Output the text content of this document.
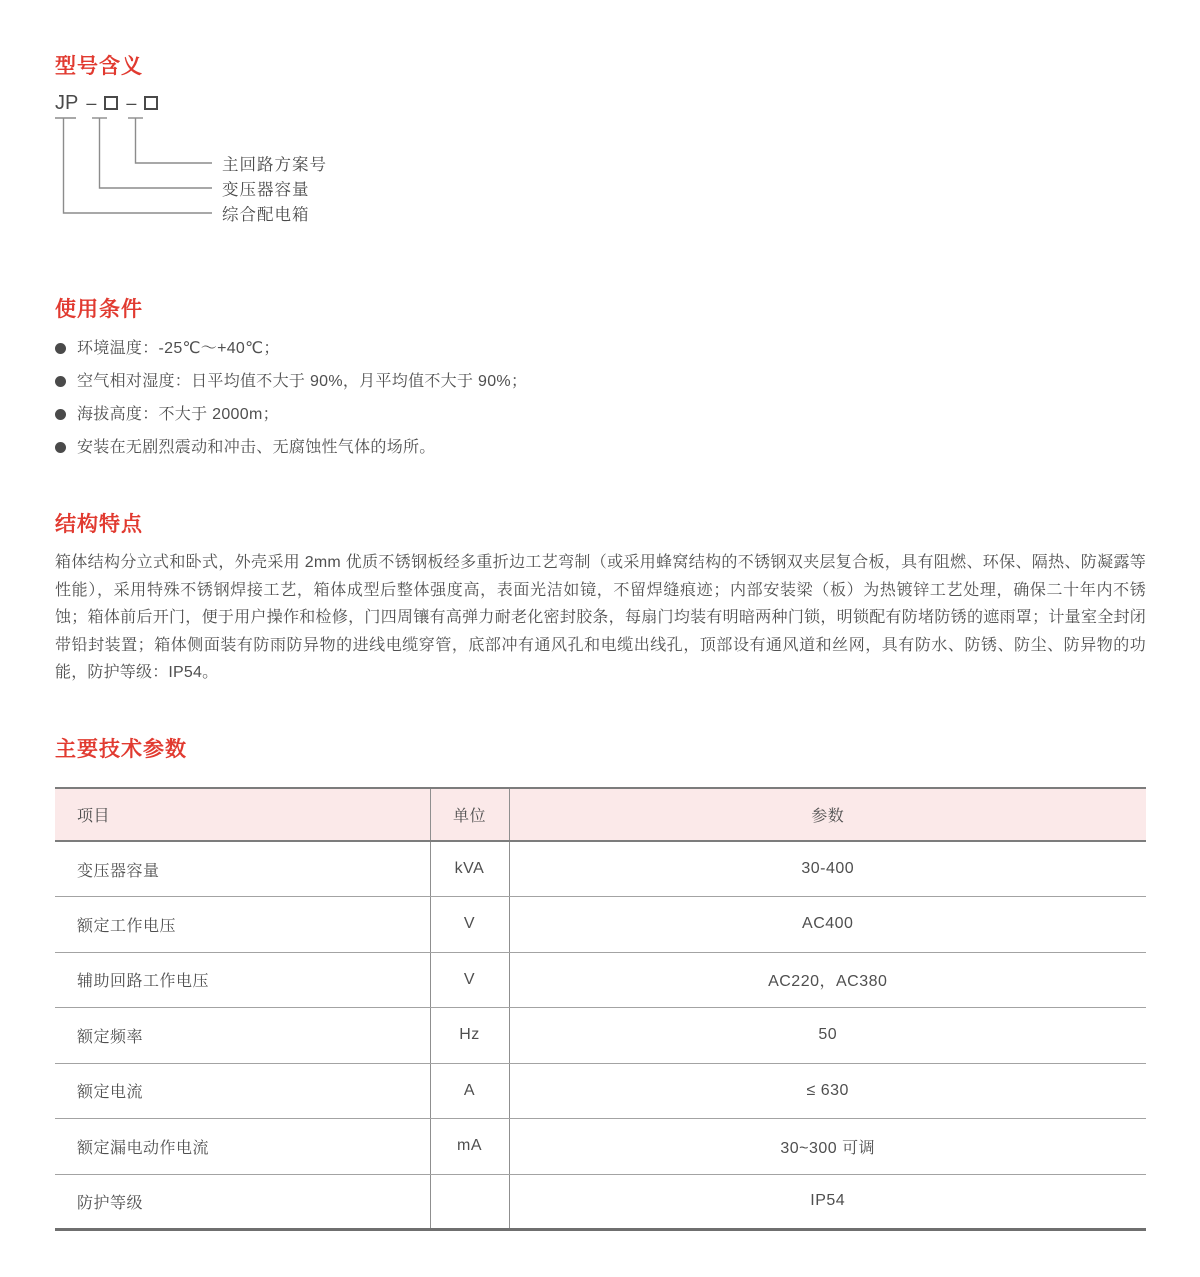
型号含义
JP – –
主回路方案号
变压器容量
综合配电箱
使用条件
环境温度：-25℃～+40℃；
空气相对湿度：日平均值不大于 90%，月平均值不大于 90%；
海拔高度：不大于 2000m；
安装在无剧烈震动和冲击、无腐蚀性气体的场所。
结构特点

箱体结构分立式和卧式，外壳采用 2mm 优质不锈钢板经多重折边工艺弯制（或采用蜂窝结构的不锈钢双夹层复合板，具有阻燃、环保、隔热、防凝露等性能），采用特殊不锈钢焊接工艺，箱体成型后整体强度高，表面光洁如镜，不留焊缝痕迹；内部安装梁（板）为热镀锌工艺处理，确保二十年内不锈蚀；箱体前后开门，便于用户操作和检修，门四周镶有高弹力耐老化密封胶条，每扇门均装有明暗两种门锁，明锁配有防堵防锈的遮雨罩；计量室全封闭带铅封装置；箱体侧面装有防雨防异物的进线电缆穿管，底部冲有通风孔和电缆出线孔，顶部设有通风道和丝网，具有防水、防锈、防尘、防异物的功能，防护等级：IP54。

主要技术参数
项目	单位	参数
变压器容量	kVA	30-400
额定工作电压	V	AC400
辅助回路工作电压	V	AC220，AC380
额定频率	Hz	50
额定电流	A	≤ 630
额定漏电动作电流	mA	30~300 可调
防护等级		IP54
